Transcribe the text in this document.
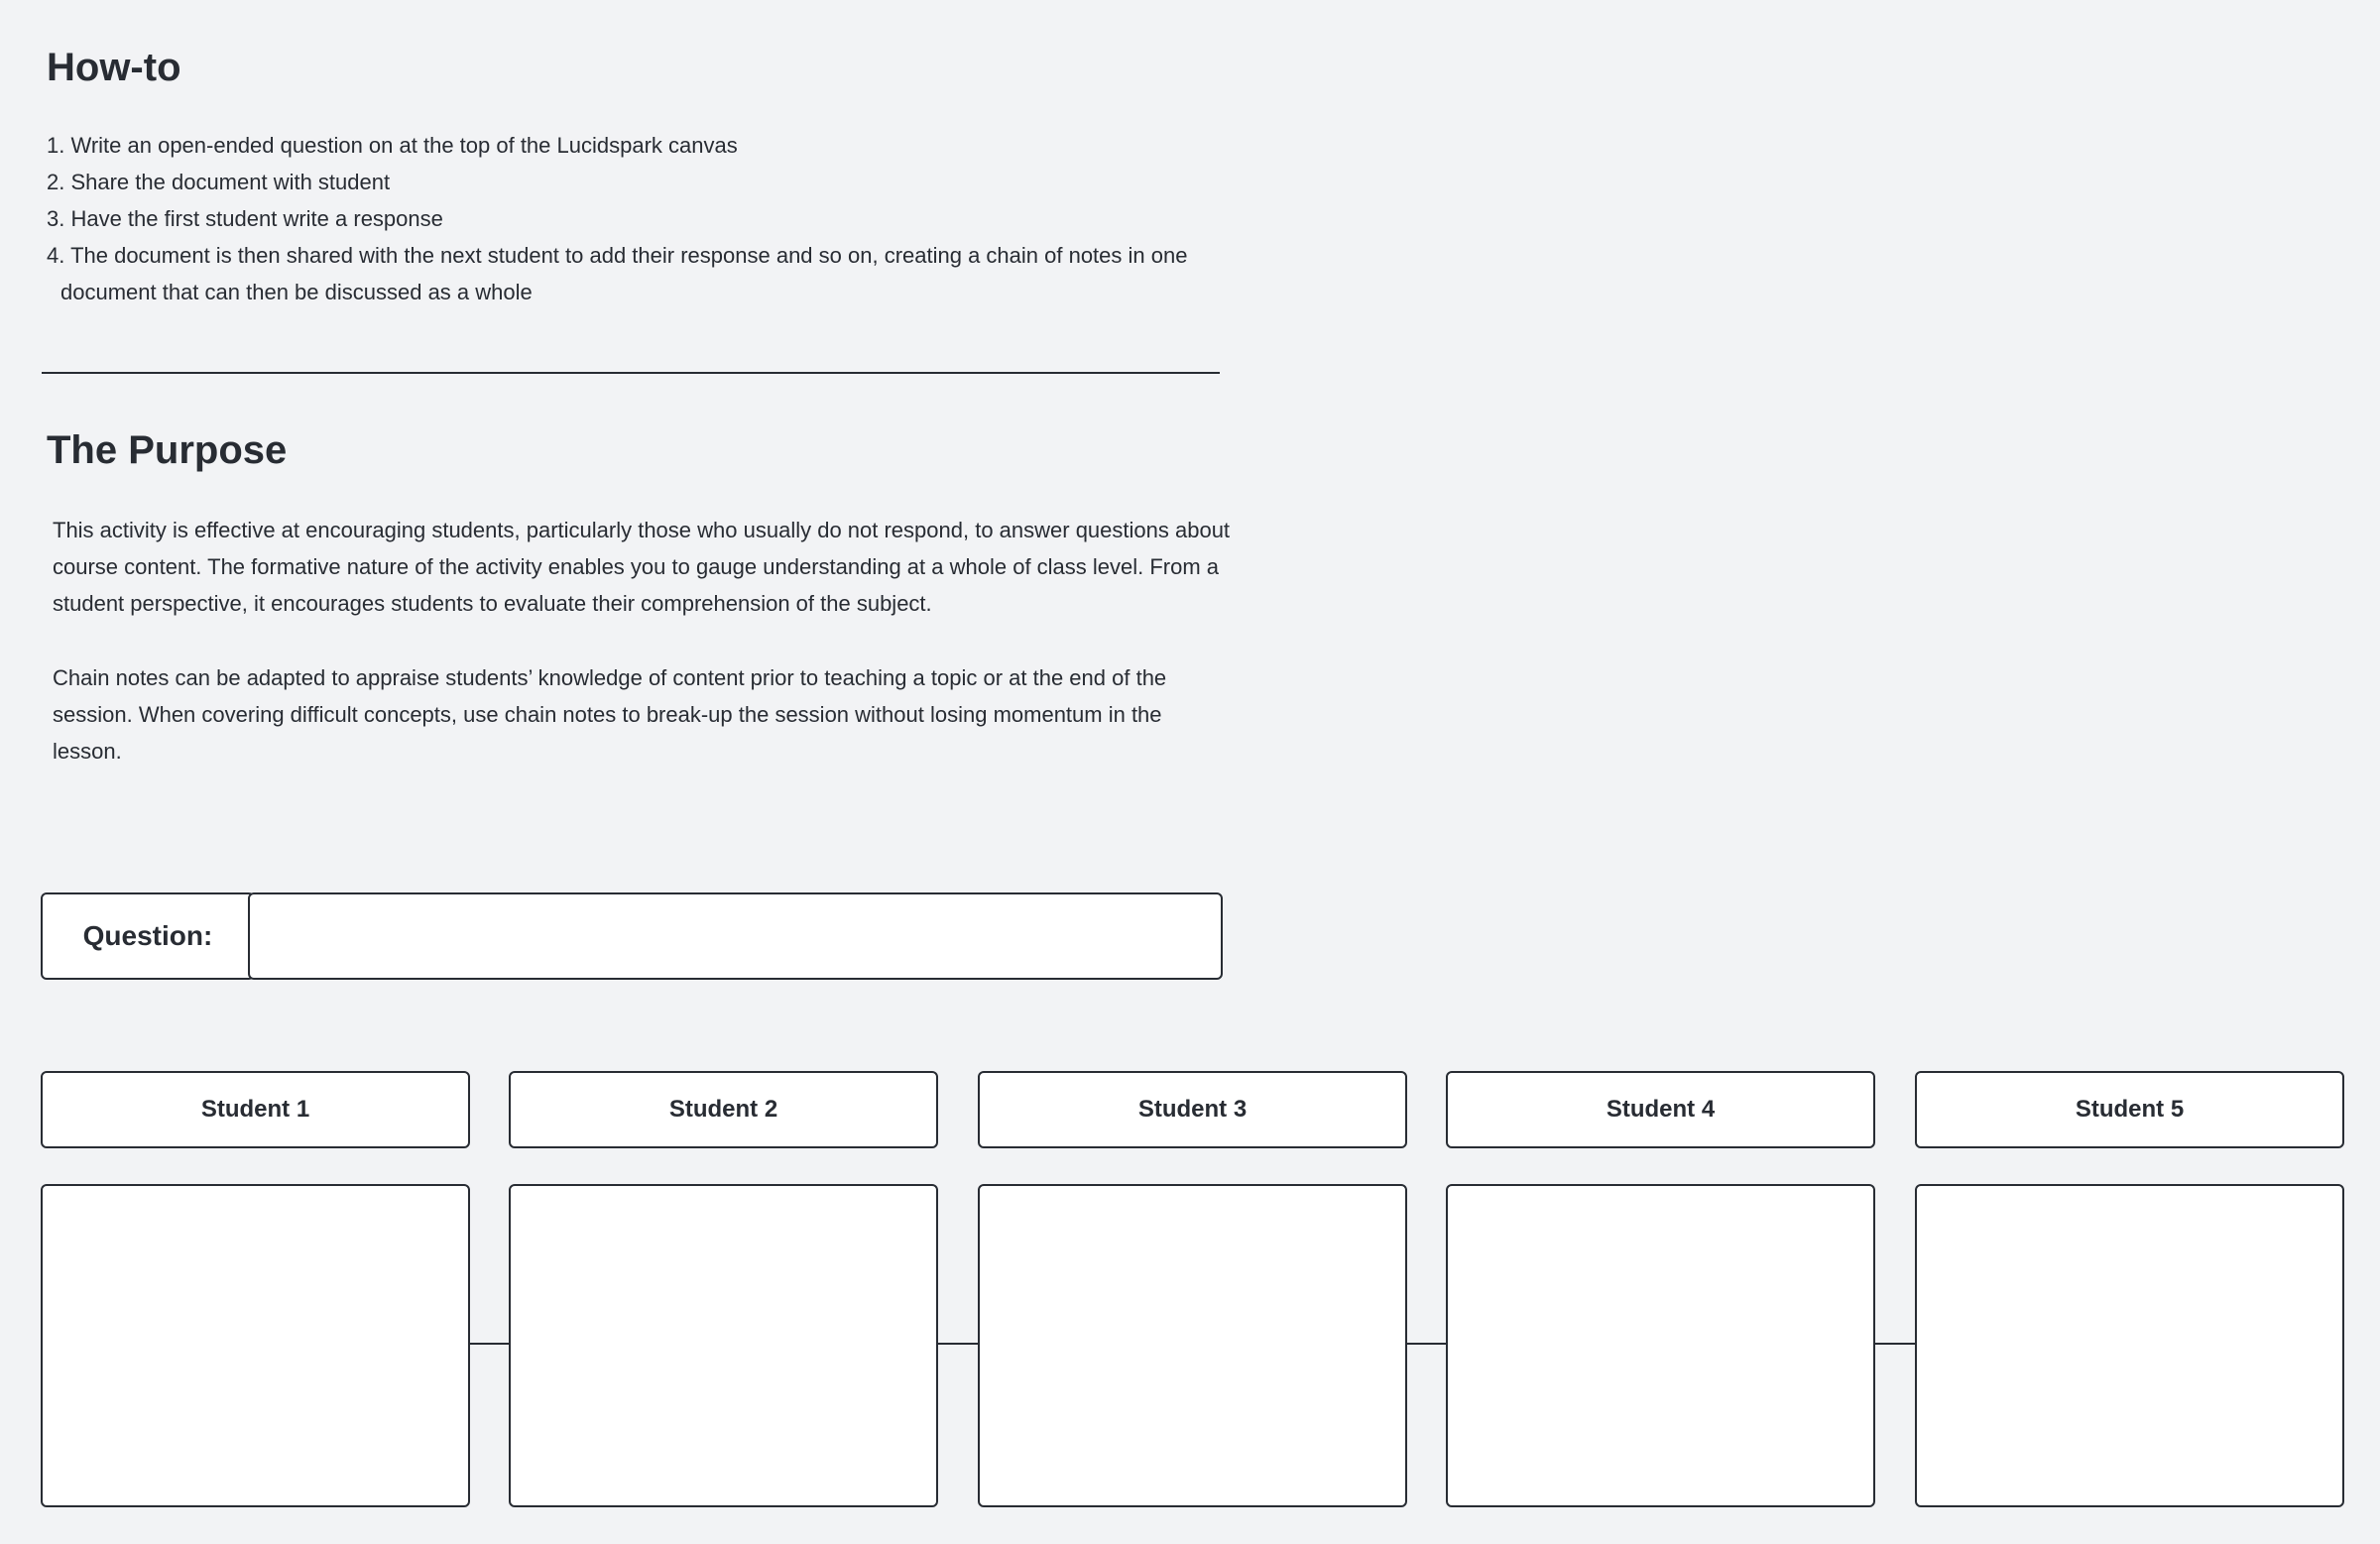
How-to
1. Write an open-ended question on at the top of the Lucidspark canvas
2. Share the document with student
3. Have the first student write a response
4. The document is then shared with the next student to add their response and so on, creating a chain of notes in one
document that can then be discussed as a whole
The Purpose
This activity is effective at encouraging students, particularly those who usually do not respond, to answer questions about course content. The formative nature of the activity enables you to gauge understanding at a whole of class level. From a student perspective, it encourages students to evaluate their comprehension of the subject.
Chain notes can be adapted to appraise students’ knowledge of content prior to teaching a topic or at the end of the session. When covering difficult concepts, use chain notes to break-up the session without losing momentum in the lesson.
Question:
Student 1	Student 2	Student 3	Student 4	Student 5
